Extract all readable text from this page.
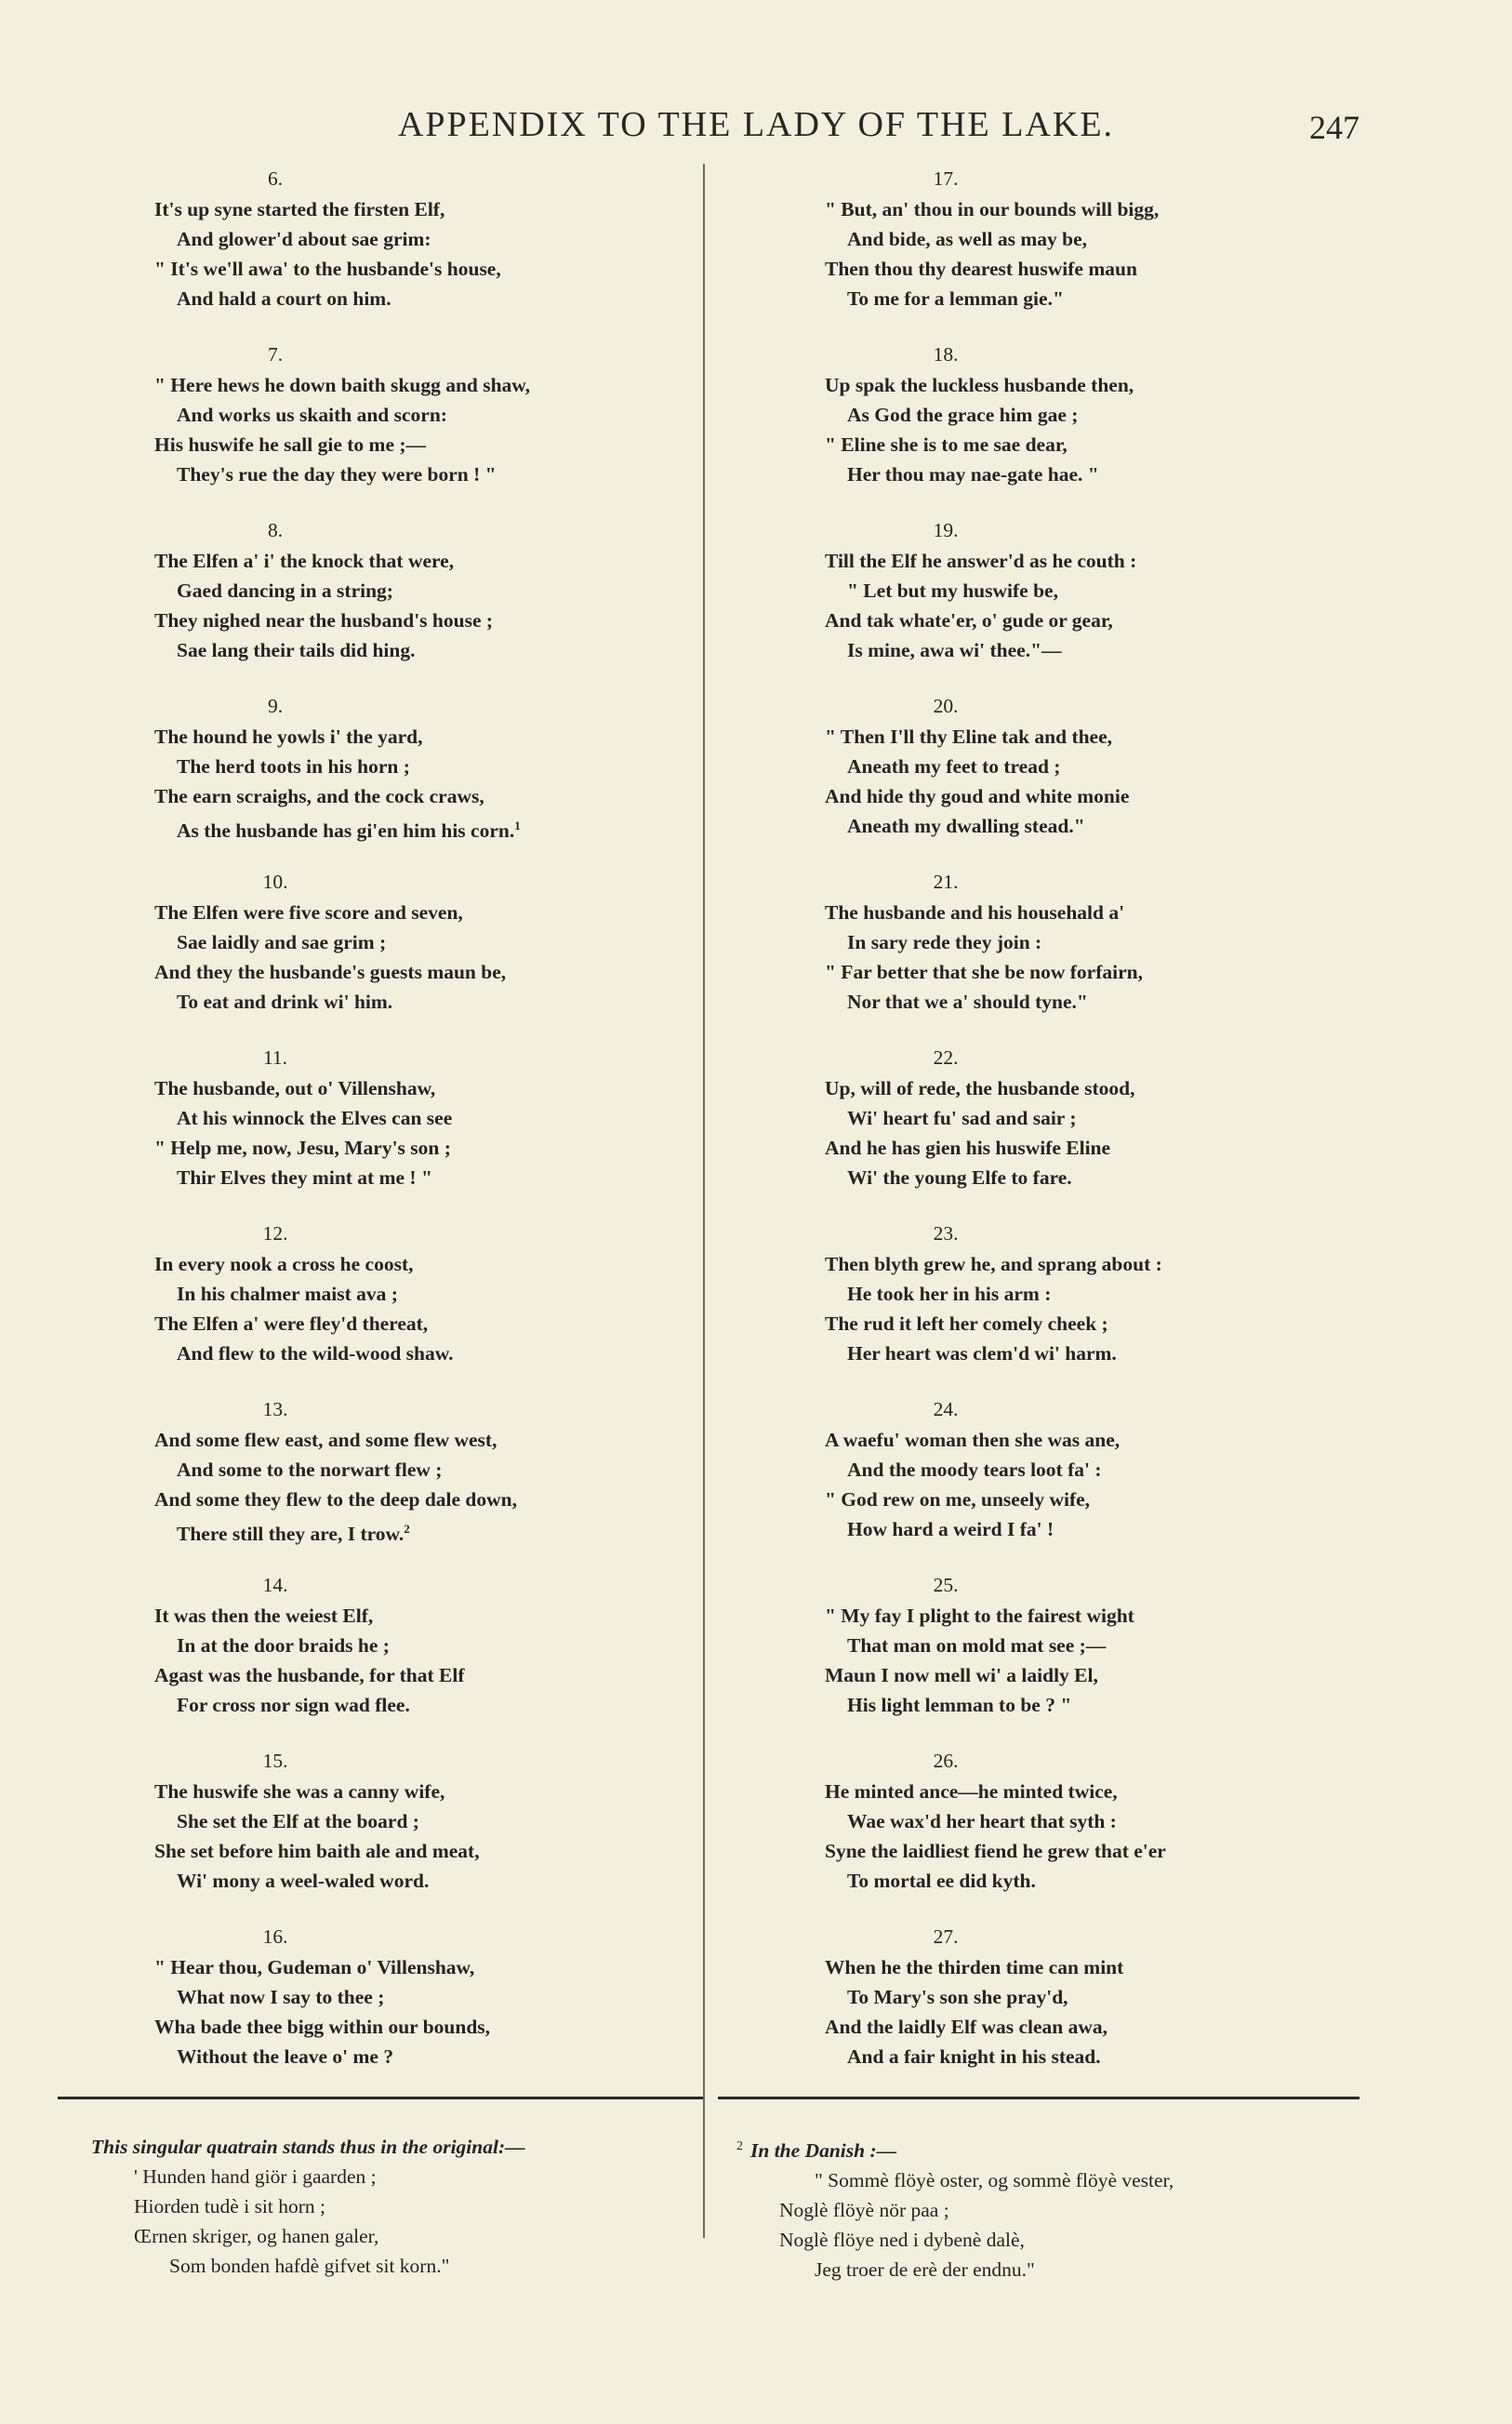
APPENDIX TO THE LADY OF THE LAKE.	247
6.
It's up syne started the firsten Elf,
And glower'd about sae grim:
" It's we'll awa' to the husbande's house,
And hald a court on him.
7.
" Here hews he down baith skugg and shaw,
And works us skaith and scorn:
His huswife he sall gie to me ;—
They's rue the day they were born ! "
8.
The Elfen a' i' the knock that were,
Gaed dancing in a string;
They nighed near the husband's house ;
Sae lang their tails did hing.
9.
The hound he yowls i' the yard,
The herd toots in his horn ;
The earn scraighs, and the cock craws,
As the husbande has gi'en him his corn.$^1$
10.
The Elfen were five score and seven,
Sae laidly and sae grim ;
And they the husbande's guests maun be,
To eat and drink wi' him.
11.
The husbande, out o' Villenshaw,
At his winnock the Elves can see
" Help me, now, Jesu, Mary's son ;
Thir Elves they mint at me ! "
12.
In every nook a cross he coost,
In his chalmer maist ava ;
The Elfen a' were fley'd thereat,
And flew to the wild-wood shaw.
13.
And some flew east, and some flew west,
And some to the norwart flew ;
And some they flew to the deep dale down,
There still they are, I trow.$^2$
14.
It was then the weiest Elf,
In at the door braids he ;
Agast was the husbande, for that Elf
For cross nor sign wad flee.
15.
The huswife she was a canny wife,
She set the Elf at the board ;
She set before him baith ale and meat,
Wi' mony a weel-waled word.
16.
" Hear thou, Gudeman o' Villenshaw,
What now I say to thee ;
Wha bade thee bigg within our bounds,
Without the leave o' me ?
17.
" But, an' thou in our bounds will bigg,
And bide, as well as may be,
Then thou thy dearest huswife maun
To me for a lemman gie."
18.
Up spak the luckless husbande then,
As God the grace him gae ;
" Eline she is to me sae dear,
Her thou may nae-gate hae. "
19.
Till the Elf he answer'd as he couth :
" Let but my huswife be,
And tak whate'er, o' gude or gear,
Is mine, awa wi' thee."—
20.
" Then I'll thy Eline tak and thee,
Aneath my feet to tread ;
And hide thy goud and white monie
Aneath my dwalling stead."
21.
The husbande and his househald a'
In sary rede they join :
" Far better that she be now forfairn,
Nor that we a' should tyne."
22.
Up, will of rede, the husbande stood,
Wi' heart fu' sad and sair ;
And he has gien his huswife Eline
Wi' the young Elfe to fare.
23.
Then blyth grew he, and sprang about :
He took her in his arm :
The rud it left her comely cheek ;
Her heart was clem'd wi' harm.
24.
A waefu' woman then she was ane,
And the moody tears loot fa' :
" God rew on me, unseely wife,
How hard a weird I fa' !
25.
" My fay I plight to the fairest wight
That man on mold mat see ;—
Maun I now mell wi' a laidly El,
His light lemman to be ? "
26.
He minted ance—he minted twice,
Wae wax'd her heart that syth :
Syne the laidliest fiend he grew that e'er
To mortal ee did kyth.
27.
When he the thirden time can mint
To Mary's son she pray'd,
And the laidly Elf was clean awa,
And a fair knight in his stead.
This singular quatrain stands thus in the original:—
' Hunden hand giör i gaarden ;
Hiorden tudè i sit horn ;
Œrnen skriger, og hanen galer,
Som bonden hafdè gifvet sit korn."
$^2$ In the Danish :—
" Sommè flöyè oster, og sommè flöyè vester,
Noglè flöyè nör paa ;
Noglè flöye ned i dybenè dalè,
Jeg troer de erè der endnu."
